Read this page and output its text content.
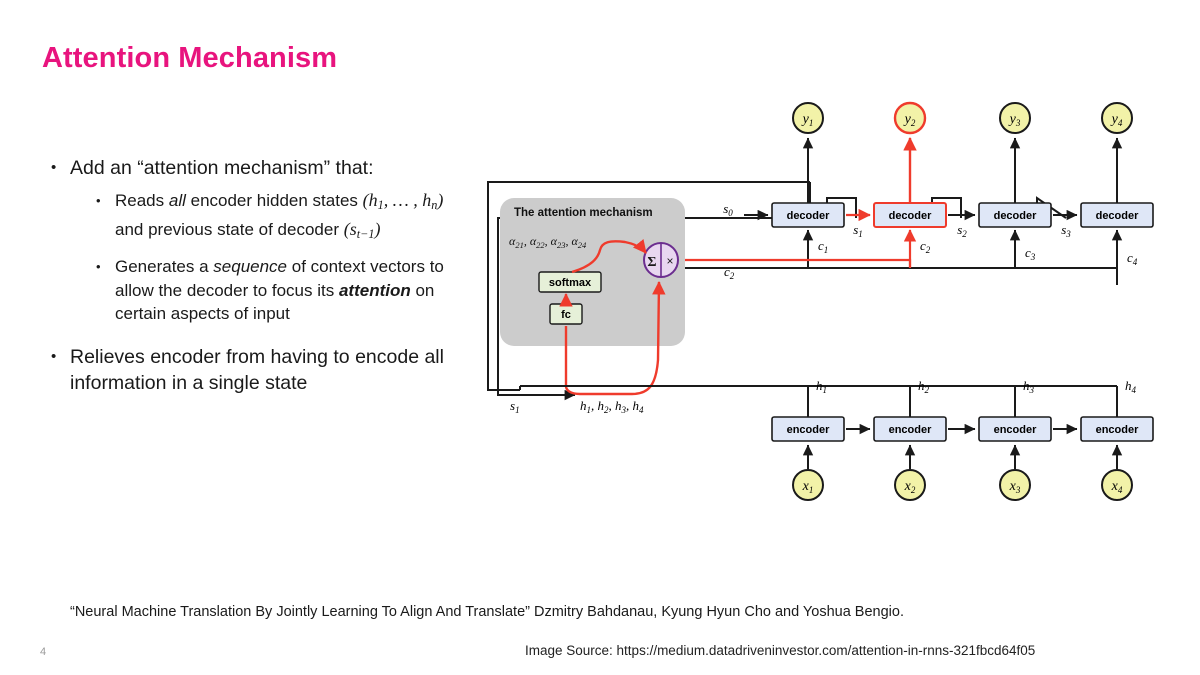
Attention Mechanism
• Add an “attention mechanism” that:
• Reads all encoder hidden states ($h_1$, … , $h_n$) and previous state of decoder $(s_{t-1})$
• Generates a sequence of context vectors to allow the decoder to focus its attention on certain aspects of input
• Relieves encoder from having to encode all information in a single state
$y_1$	$y_2$	$y_3$	$y_4$
decoder	decoder	decoder	decoder
$s_0$
$s_1$	$s_2$	$s_3$
$c_1$	$c_2$	$c_3$	$c_4$
$c_2$
The attention mechanism
$\alpha_{21}$, $\alpha_{22}$, $\alpha_{23}$, $\alpha_{24}$
softmax
fc
Σ ×
$s_1$	$h_1$, $h_2$, $h_3$, $h_4$
$h_1$	$h_2$	$h_3$	$h_4$
encoder	encoder	encoder	encoder
$x_1$	$x_2$	$x_3$	$x_4$
“Neural Machine Translation By Jointly Learning To Align And Translate” Dzmitry Bahdanau, Kyung Hyun Cho and Yoshua Bengio.
Image Source: https://medium.datadriveninvestor.com/attention-in-rnns-321fbcd64f05
4
